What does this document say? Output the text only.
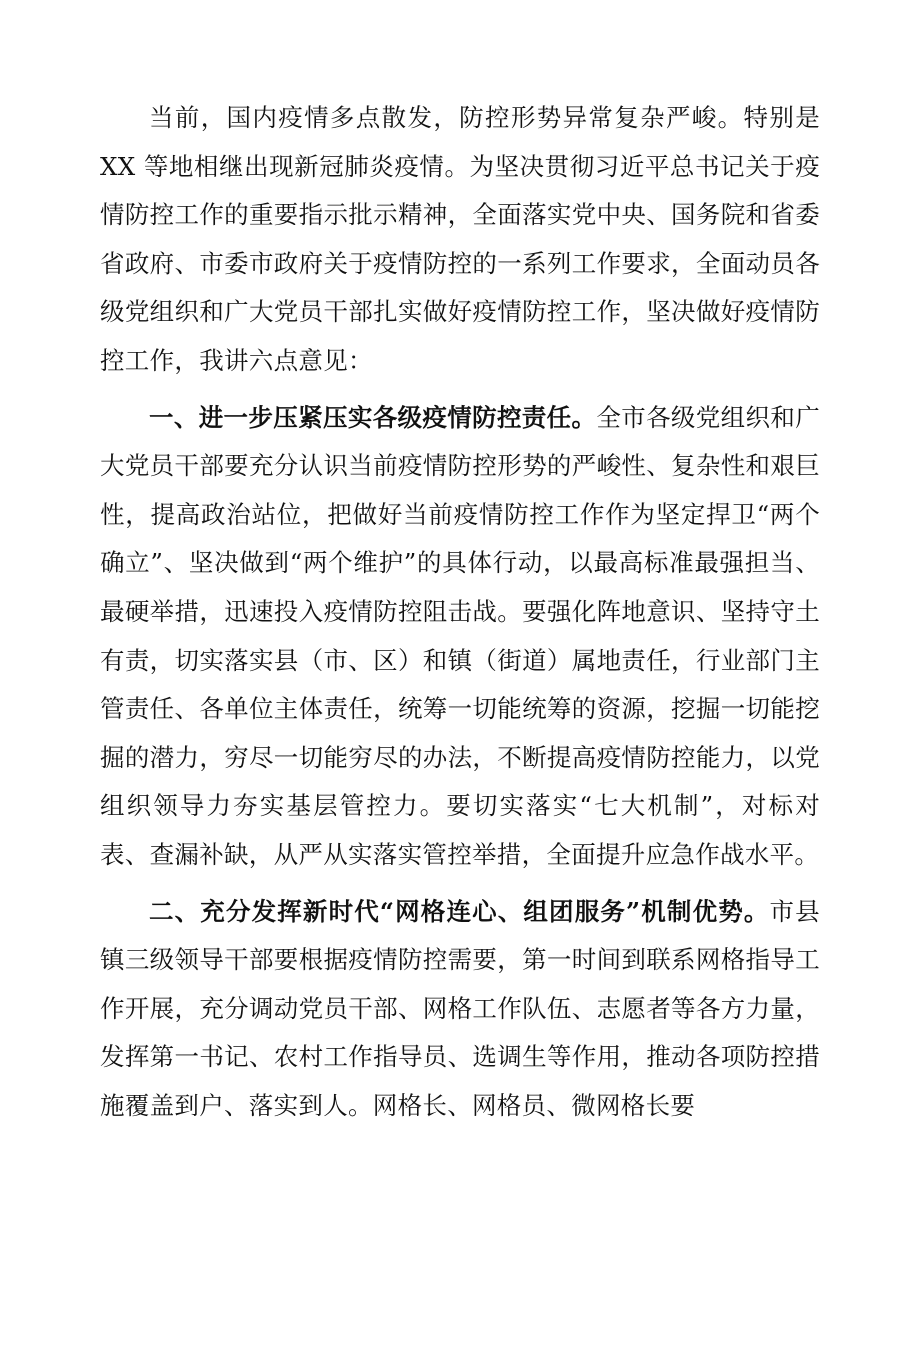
当前，国内疫情多点散发，防控形势异常复杂严峻。特别是XX 等地相继出现新冠肺炎疫情。为坚决贯彻习近平总书记关于疫情防控工作的重要指示批示精神，全面落实党中央、国务院和省委省政府、市委市政府关于疫情防控的一系列工作要求，全面动员各级党组织和广大党员干部扎实做好疫情防控工作，坚决做好疫情防控工作，我讲六点意见：

一、进一步压紧压实各级疫情防控责任。全市各级党组织和广大党员干部要充分认识当前疫情防控形势的严峻性、复杂性和艰巨性，提高政治站位，把做好当前疫情防控工作作为坚定捍卫“两个确立”、坚决做到“两个维护”的具体行动，以最高标准最强担当、最硬举措，迅速投入疫情防控阻击战。要强化阵地意识、坚持守土有责，切实落实县（市、区）和镇（街道）属地责任，行业部门主管责任、各单位主体责任，统筹一切能统筹的资源，挖掘一切能挖掘的潜力，穷尽一切能穷尽的办法，不断提高疫情防控能力，以党组织领导力夯实基层管控力。要切实落实“七大机制”，对标对表、查漏补缺，从严从实落实管控举措，全面提升应急作战水平。

二、充分发挥新时代“网格连心、组团服务”机制优势。市县镇三级领导干部要根据疫情防控需要，第一时间到联系网格指导工作开展，充分调动党员干部、网格工作队伍、志愿者等各方力量，发挥第一书记、农村工作指导员、选调生等作用，推动各项防控措施覆盖到户、落实到人。网格长、网格员、微网格长要
